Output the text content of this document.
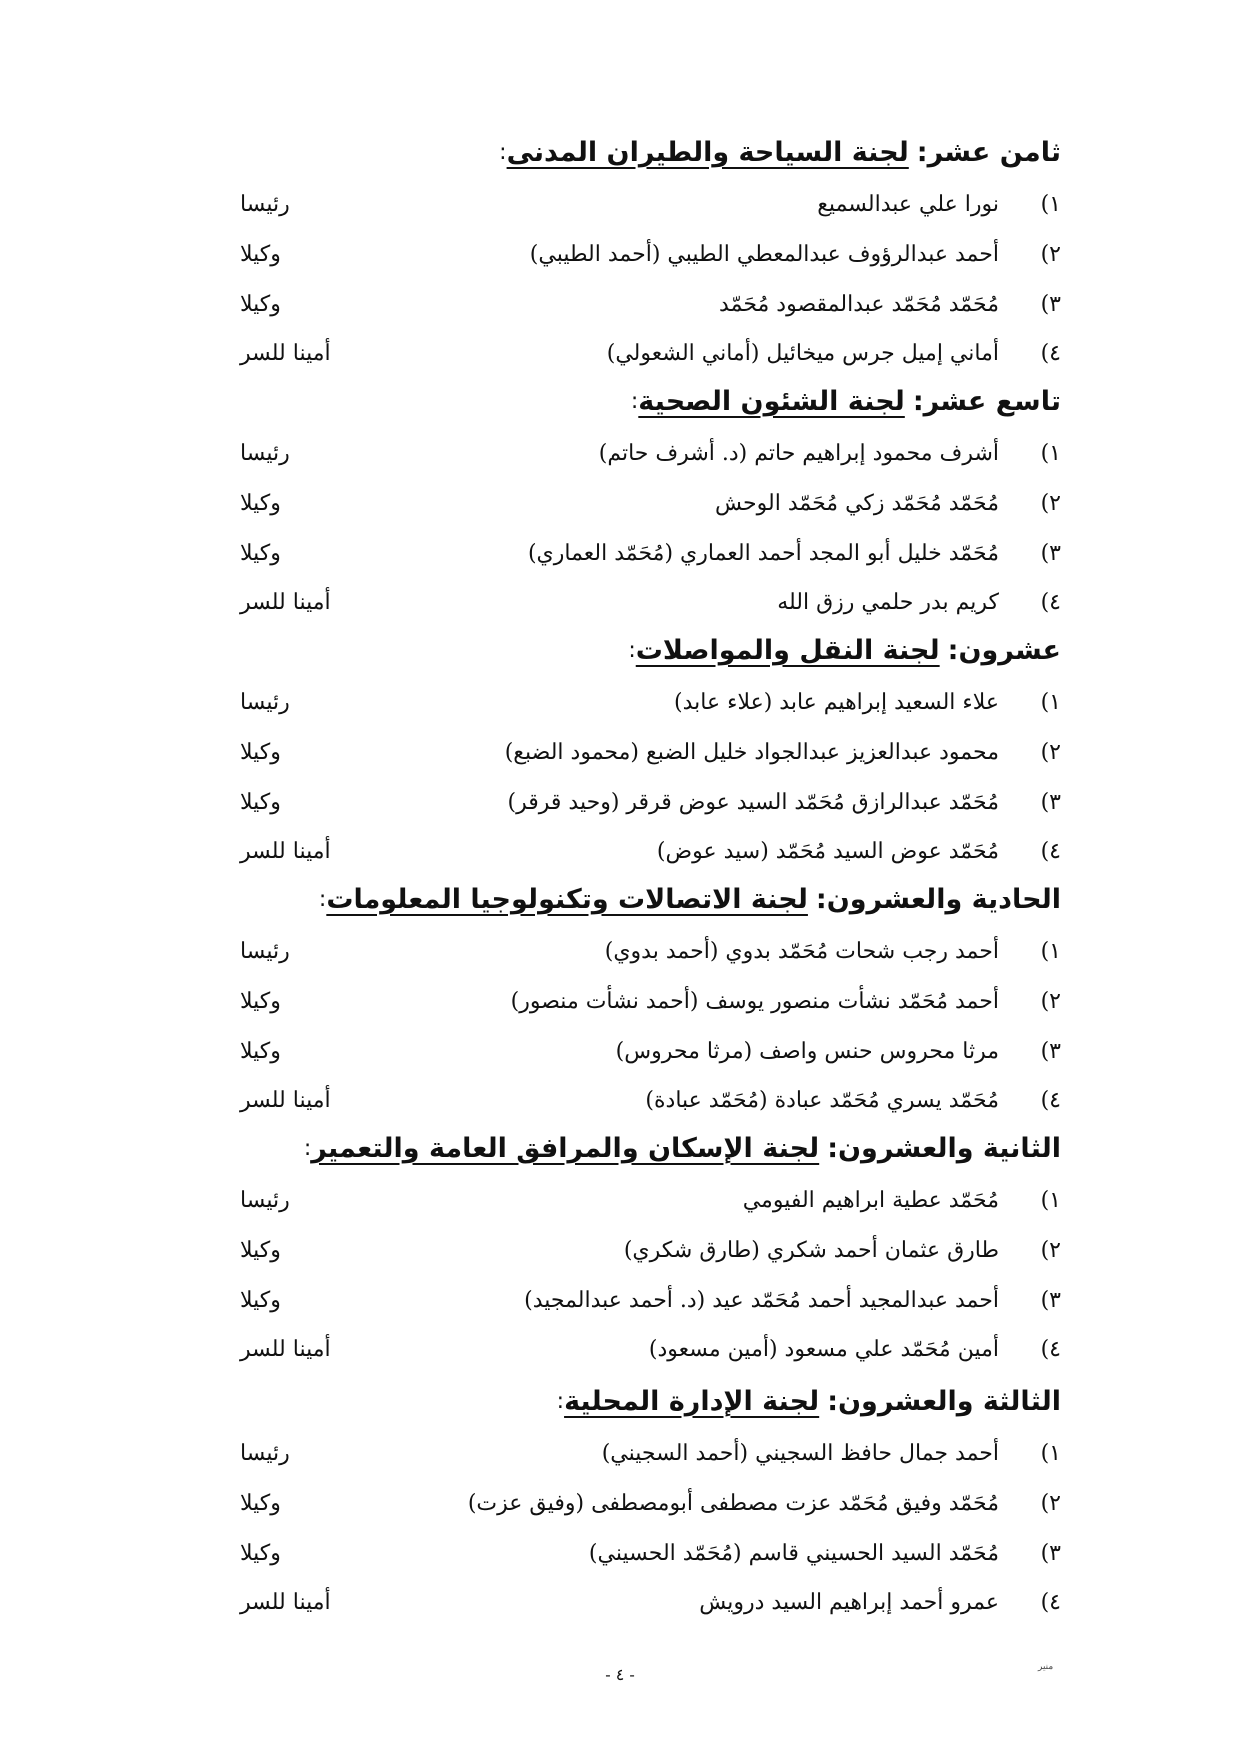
ثامن عشر:
لجنة السياحة والطيران المدنى
:
١)
نورا علي عبدالسميع
رئيسا
٢)
أحمد عبدالرؤوف عبدالمعطي الطيبي (أحمد الطيبي)
وكيلا
٣)
مُحَمّد مُحَمّد عبدالمقصود مُحَمّد
وكيلا
٤)
أماني إميل جرس ميخائيل (أماني الشعولي)
أمينا للسر
تاسع عشر:
لجنة الشئون الصحية
:
١)
أشرف محمود إبراهيم حاتم (د. أشرف حاتم)
رئيسا
٢)
مُحَمّد مُحَمّد زكي مُحَمّد الوحش
وكيلا
٣)
مُحَمّد خليل أبو المجد أحمد العماري (مُحَمّد العماري)
وكيلا
٤)
كريم بدر حلمي رزق الله
أمينا للسر
عشرون:
لجنة النقل والمواصلات
:
١)
علاء السعيد إبراهيم عابد (علاء عابد)
رئيسا
٢)
محمود عبدالعزيز عبدالجواد خليل الضبع (محمود الضبع)
وكيلا
٣)
مُحَمّد عبدالرازق مُحَمّد السيد عوض قرقر (وحيد قرقر)
وكيلا
٤)
مُحَمّد عوض السيد مُحَمّد (سيد عوض)
أمينا للسر
الحادية والعشرون:
لجنة الاتصالات وتكنولوجيا المعلومات
:
١)
أحمد رجب شحات مُحَمّد بدوي (أحمد بدوي)
رئيسا
٢)
أحمد مُحَمّد نشأت منصور يوسف (أحمد نشأت منصور)
وكيلا
٣)
مرثا محروس حنس واصف (مرثا محروس)
وكيلا
٤)
مُحَمّد يسري مُحَمّد عبادة (مُحَمّد عبادة)
أمينا للسر
الثانية والعشرون:
لجنة الإسكان والمرافق العامة والتعمير
:
١)
مُحَمّد عطية ابراهيم الفيومي
رئيسا
٢)
طارق عثمان أحمد شكري (طارق شكري)
وكيلا
٣)
أحمد عبدالمجيد أحمد مُحَمّد عيد (د. أحمد عبدالمجيد)
وكيلا
٤)
أمين مُحَمّد علي مسعود (أمين مسعود)
أمينا للسر
الثالثة والعشرون:
لجنة الإدارة المحلية
:
١)
أحمد جمال حافظ السجيني (أحمد السجيني)
رئيسا
٢)
مُحَمّد وفيق مُحَمّد عزت مصطفى أبومصطفى (وفيق عزت)
وكيلا
٣)
مُحَمّد السيد الحسيني قاسم (مُحَمّد الحسيني)
وكيلا
٤)
عمرو أحمد إبراهيم السيد درويش
أمينا للسر
- ٤ -	منير
